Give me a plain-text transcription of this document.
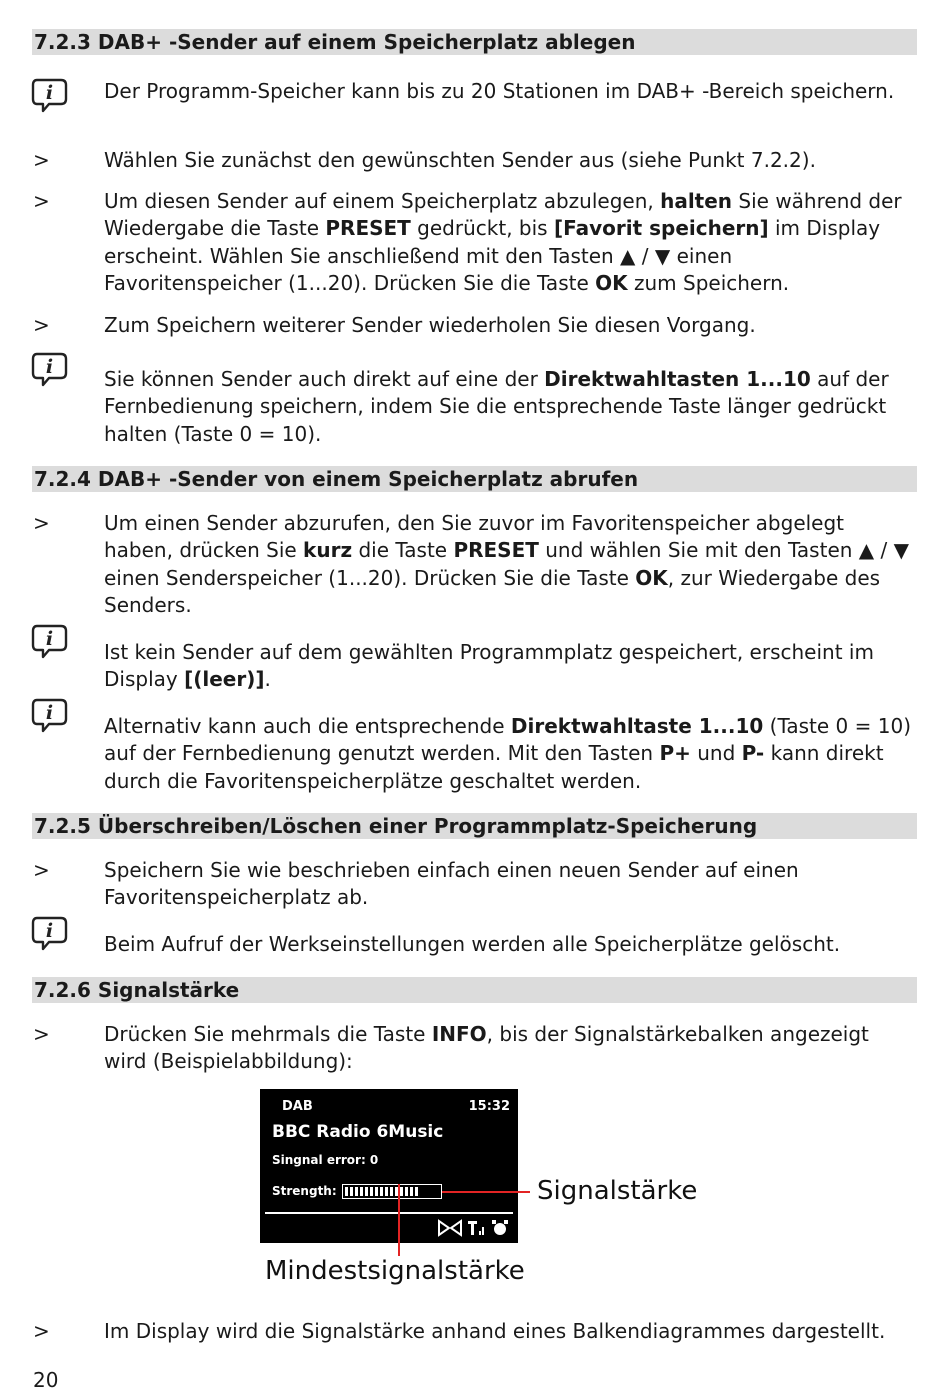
7.2.3 DAB+ -Sender auf einem Speicherplatz ablegen
7.2.4 DAB+ -Sender von einem Speicherplatz abrufen
7.2.5 Überschreiben/Löschen einer Programmplatz-Speicherung
7.2.6 Signalstärke
i	Der Programm-Speicher kann bis zu 20 Stationen im DAB+ -Bereich speichern.
>	Wählen Sie zunächst den gewünschten Sender aus (siehe Punkt 7.2.2).
>	Um diesen Sender auf einem Speicherplatz abzulegen, halten Sie während der Wiedergabe die Taste PRESET gedrückt, bis [Favorit speichern] im Display erscheint. Wählen Sie anschließend mit den Tasten ▲ / ▼ einen Favoritenspeicher (1...20). Drücken Sie die Taste OK zum Speichern.
>	Zum Speichern weiterer Sender wiederholen Sie diesen Vorgang.
i	Sie können Sender auch direkt auf eine der Direktwahltasten 1...10 auf der Fernbedienung speichern, indem Sie die entsprechende Taste länger gedrückt halten (Taste 0 = 10).
>	Um einen Sender abzurufen, den Sie zuvor im Favoritenspeicher abgelegt haben, drücken Sie kurz die Taste PRESET und wählen Sie mit den Tasten ▲ / ▼ einen Senderspeicher (1...20). Drücken Sie die Taste OK, zur Wiedergabe des Senders.
i
Ist kein Sender auf dem gewählten Programmplatz gespeichert, erscheint im Display [(leer)].
i
Alternativ kann auch die entsprechende Direktwahltaste 1...10 (Taste 0 = 10) auf der Fernbedienung genutzt werden. Mit den Tasten P+ und P- kann direkt durch die Favoritenspeicherplätze geschaltet werden.
>	Speichern Sie wie beschrieben einfach einen neuen Sender auf einen Favoritenspeicherplatz ab.
i
Beim Aufruf der Werkseinstellungen werden alle Speicherplätze gelöscht.
>	Drücken Sie mehrmals die Taste INFO, bis der Signalstärkebalken angezeigt wird (Beispielabbildung):
>	Im Display wird die Signalstärke anhand eines Balkendiagrammes dargestellt.
DAB	15:32
BBC Radio 6Music
Singnal error: 0
Strength:	Signalstärke
Mindestsignalstärke
20
